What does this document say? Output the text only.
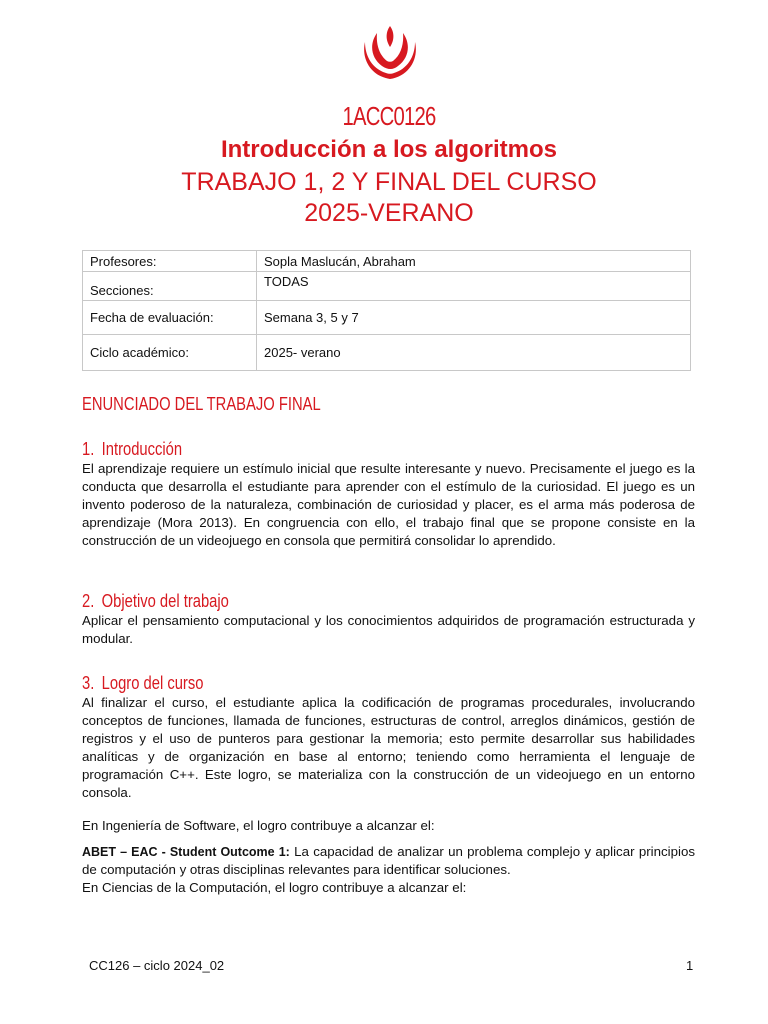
1ACC0126
Introducción a los algoritmos
TRABAJO 1, 2 Y FINAL DEL CURSO
2025-VERANO
Profesores:	Sopla Maslucán, Abraham
Secciones:	TODAS
Fecha de evaluación:	Semana 3, 5 y 7
Ciclo académico:	2025- verano
ENUNCIADO DEL TRABAJO FINAL
1. Introducción

El aprendizaje requiere un estímulo inicial que resulte interesante y nuevo. Precisamente el juego es la conducta que desarrolla el estudiante para aprender con el estímulo de la curiosidad. El juego es un invento poderoso de la naturaleza, combinación de curiosidad y placer, es el arma más poderosa de aprendizaje (Mora 2013). En congruencia con ello, el trabajo final que se propone consiste en la construcción de un videojuego en consola que permitirá consolidar lo aprendido.

2. Objetivo del trabajo

Aplicar el pensamiento computacional y los conocimientos adquiridos de programación estructurada y modular.

3. Logro del curso

Al finalizar el curso, el estudiante aplica la codificación de programas procedurales, involucrando conceptos de funciones, llamada de funciones, estructuras de control, arreglos dinámicos, gestión de registros y el uso de punteros para gestionar la memoria; esto permite desarrollar sus habilidades analíticas y de organización en base al entorno; teniendo como herramienta el lenguaje de programación C++. Este logro, se materializa con la construcción de un videojuego en un entorno consola.

En Ingeniería de Software, el logro contribuye a alcanzar el:

ABET – EAC - Student Outcome 1: La capacidad de analizar un problema complejo y aplicar principios de computación y otras disciplinas relevantes para identificar soluciones.

En Ciencias de la Computación, el logro contribuye a alcanzar el:

CC126 – ciclo 2024_02	1
